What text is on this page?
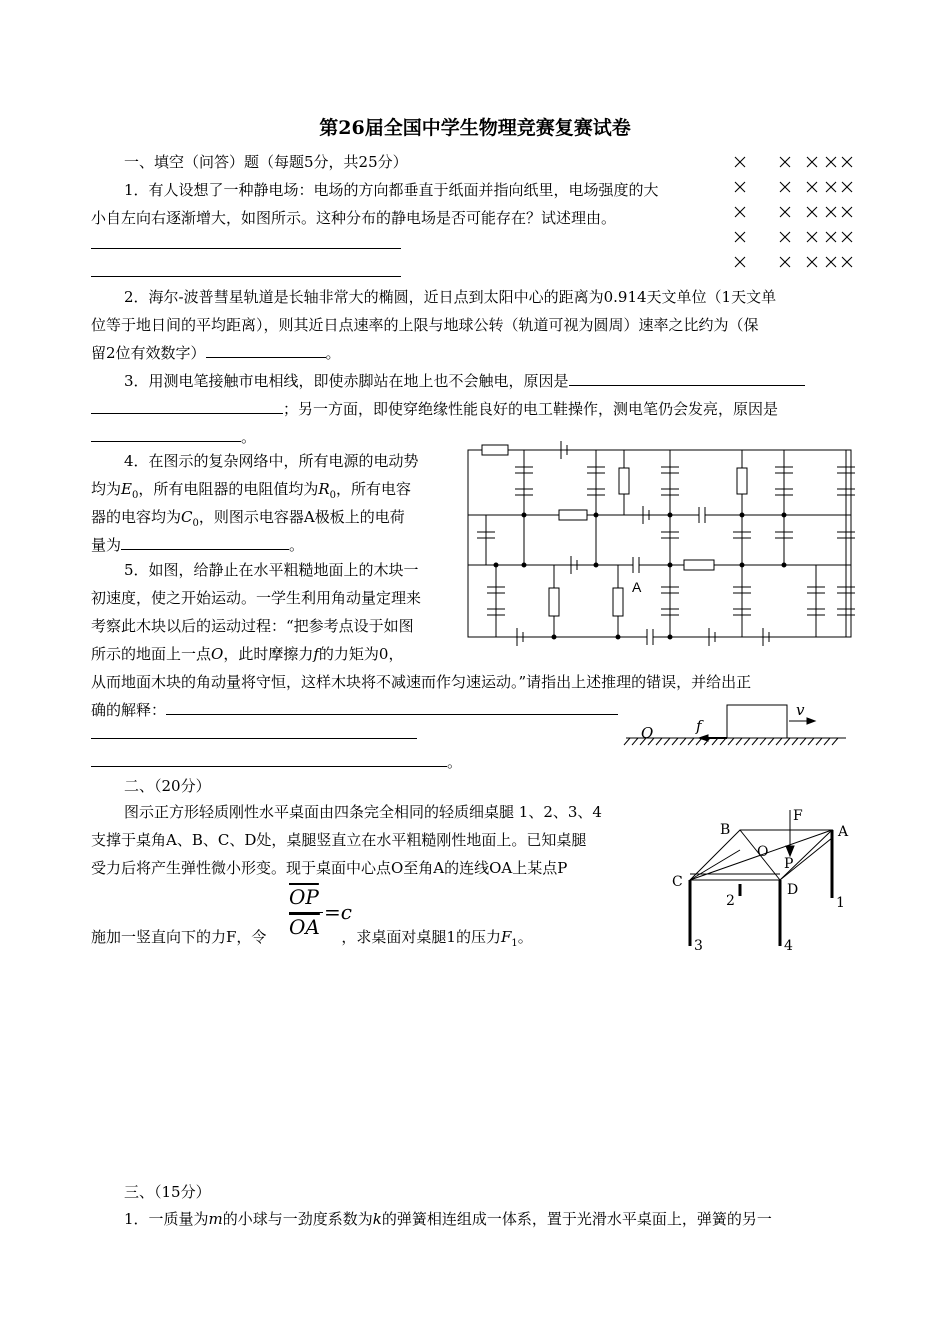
第26届全国中学生物理竞赛复赛试卷
一、填空（问答）题（每题5分，共25分）
1．有人设想了一种静电场：电场的方向都垂直于纸面并指向纸里，电场强度的大
小自左向右逐渐增大，如图所示。这种分布的静电场是否可能存在？试述理由。
2．海尔-波普彗星轨道是长轴非常大的椭圆，近日点到太阳中心的距离为0.914天文单位（1天文单
位等于地日间的平均距离），则其近日点速率的上限与地球公转（轨道可视为圆周）速率之比约为（保
留2位有效数字）	。
3．用测电笔接触市电相线，即使赤脚站在地上也不会触电，原因是
；另一方面，即使穿绝缘性能良好的电工鞋操作，测电笔仍会发亮，原因是
。
4．在图示的复杂网络中，所有电源的电动势
均为$E_0$，所有电阻器的电阻值均为$R_0$，所有电容
器的电容均为$C_0$，则图示电容器A极板上的电荷
量为	。
A
5．如图，给静止在水平粗糙地面上的木块一
初速度，使之开始运动。一学生利用角动量定理来
考察此木块以后的运动过程：“把参考点设于如图
所示的地面上一点O，此时摩擦力f的力矩为0，
从而地面木块的角动量将守恒，这样木块将不减速而作匀速运动。”请指出上述推理的错误，并给出正
确的解释：
。
O	f
v
二、（20分）
图示正方形轻质刚性水平桌面由四条完全相同的轻质细桌腿 1、2、3、4
支撑于桌角A、B、C、D处，桌腿竖直立在水平粗糙刚性地面上。已知桌腿
受力后将产生弹性微小形变。现于桌面中心点O至角A的连线OA上某点P
$\overline{OP}$
$\overline{OA}$
=c
施加一竖直向下的力F，令	，求桌面对桌腿1的压力$F_1$。
A
B
C	D
O
P
F
1
2
3	4
三、（15分）
1．一质量为m的小球与一劲度系数为k的弹簧相连组成一体系，置于光滑水平桌面上，弹簧的另一
